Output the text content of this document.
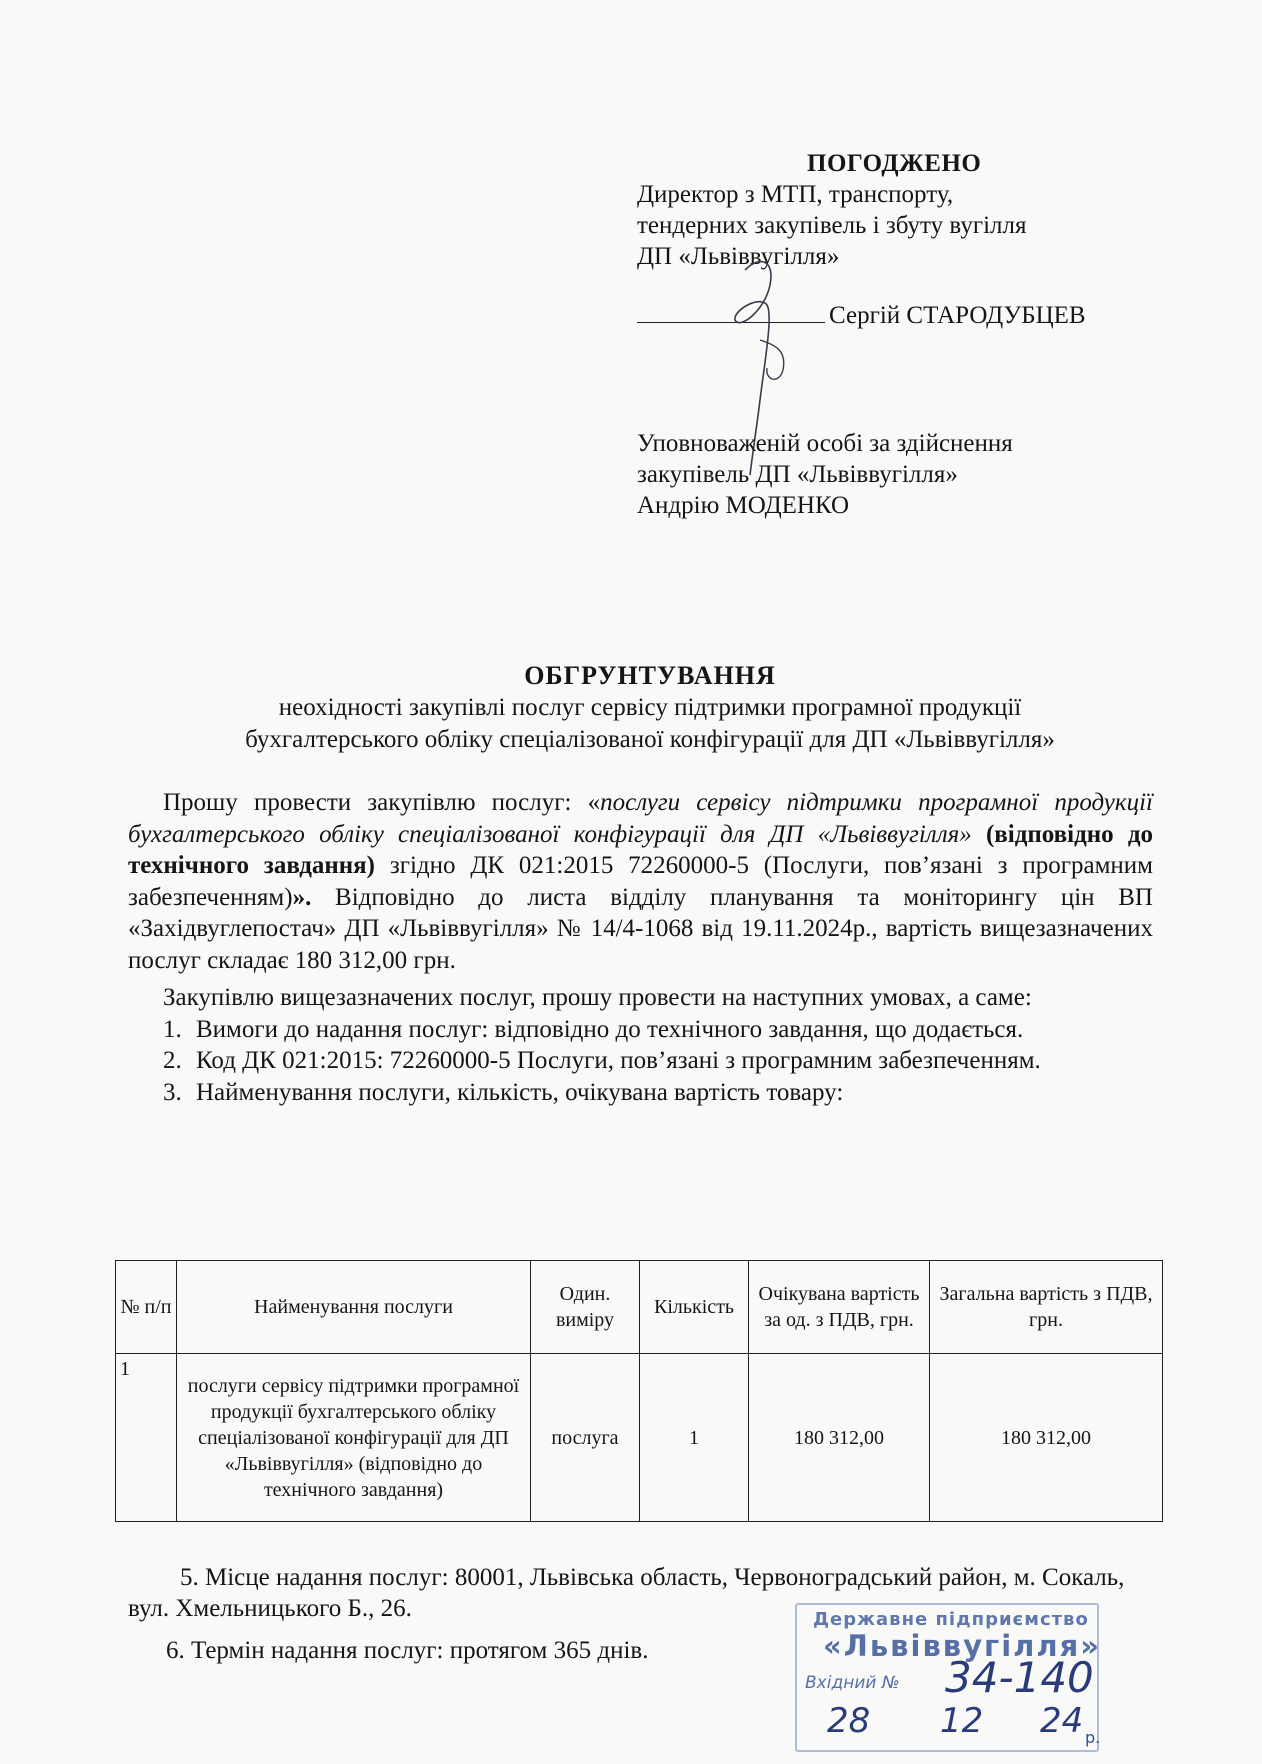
ПОГОДЖЕНО
Директор з МТП, транспорту,
тендерних закупівель і збуту вугілля
ДП «Львіввугілля»
Сергій СТАРОДУБЦЕВ
Уповноваженій особі за здійснення
закупівель ДП «Львіввугілля»
Андрію МОДЕНКО
ОБГРУНТУВАННЯ
неохідності закупівлі послуг сервісу підтримки програмної продукції
бухгалтерського обліку спеціалізованої конфігурації для ДП «Львіввугілля»

Прошу провести закупівлю послуг: «послуги сервісу підтримки програмної продукції бухгалтерського обліку спеціалізованої конфігурації для ДП «Львіввугілля» (відповідно до технічного завдання) згідно ДК 021:2015 72260000-5 (Послуги, пов’язані з програмним забезпеченням)». Відповідно до листа відділу планування та моніторингу цін ВП «Західвуглепостач» ДП «Львіввугілля» № 14/4-1068 від 19.11.2024р., вартість вищезазначених послуг складає 180 312,00 грн.

Закупівлю вищезазначених послуг, прошу провести на наступних умовах, а саме:

1. Вимоги до надання послуг: відповідно до технічного завдання, що додається.
2. Код ДК 021:2015: 72260000-5 Послуги, пов’язані з програмним забезпеченням.
3. Найменування послуги, кількість, очікувана вартість товару:
№ п/п	Найменування послуги	Один. виміру	Кількість	Очікувана вартість за од. з ПДВ, грн.	Загальна вартість з ПДВ, грн.
1	послуги сервісу підтримки програмної продукції бухгалтерського обліку спеціалізованої конфігурації для ДП «Львіввугілля» (відповідно до технічного завдання)	послуга	1	180 312,00	180 312,00
5. Місце надання послуг: 80001, Львівська область, Червоноградський район, м. Сокаль, вул. Хмельницького Б., 26.
6. Термін надання послуг: протягом 365 днів.
Державне підприємство
«Львіввугілля»
Вхідний № 34-140
28 12 24 р.
